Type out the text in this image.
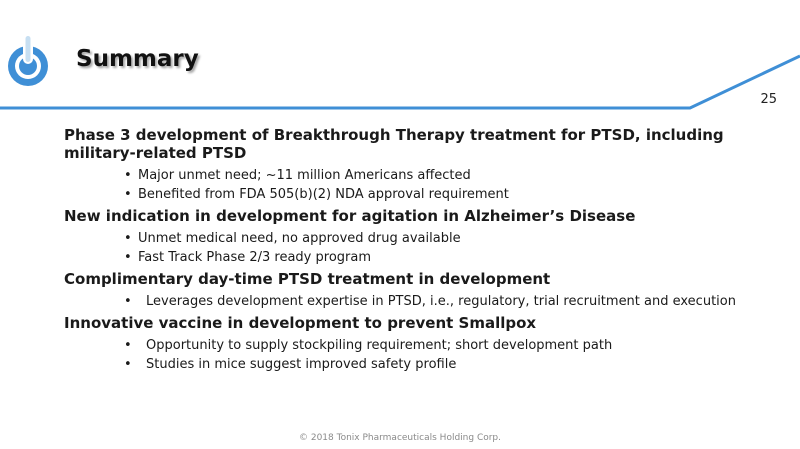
Summary
25
Phase 3 development of Breakthrough Therapy treatment for PTSD, including military-related PTSD
• Major unmet need; ~11 million Americans affected
• Benefited from FDA 505(b)(2) NDA approval requirement
New indication in development for agitation in Alzheimer’s Disease
• Unmet medical need, no approved drug available
• Fast Track Phase 2/3 ready program
Complimentary day-time PTSD treatment in development
• Leverages development expertise in PTSD, i.e., regulatory, trial recruitment and execution
Innovative vaccine in development to prevent Smallpox
• Opportunity to supply stockpiling requirement; short development path
• Studies in mice suggest improved safety profile
© 2018 Tonix Pharmaceuticals Holding Corp.
